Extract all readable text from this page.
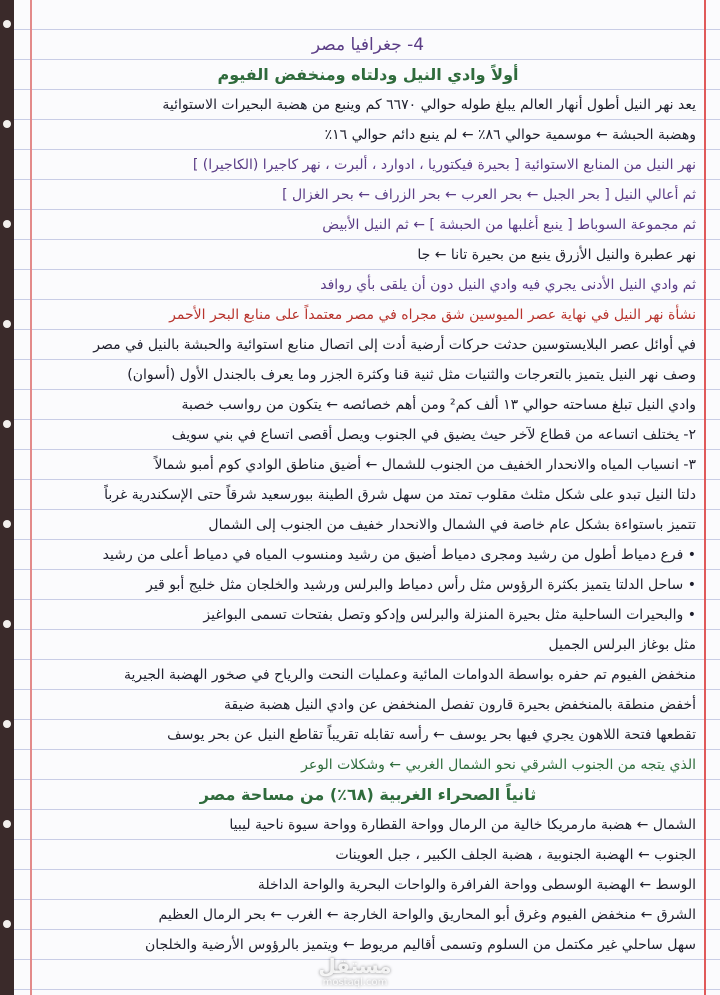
4- جغرافيا مصر
أولاً وادي النيل ودلتاه ومنخفض الفيوم
يعد نهر النيل أطول أنهار العالم يبلغ طوله حوالي ٦٦٧٠ كم وينبع من هضبة البحيرات الاستوائية
وهضبة الحبشة ← موسمية حوالي ٨٦٪ ← لم ينبع دائم حوالي ١٦٪
نهر النيل من المنابع الاستوائية [ بحيرة فيكتوريا ، ادوارد ، ألبرت ، نهر كاجيرا (الكاجيرا) ]
ثم أعالي النيل [ بحر الجبل ← بحر العرب ← بحر الزراف ← بحر الغزال ]
ثم مجموعة السوباط [ ينبع أغلبها من الحبشة ] ← ثم النيل الأبيض
نهر عطبرة والنيل الأزرق ينبع من بحيرة تانا ← جا
ثم وادي النيل الأدنى يجري فيه وادي النيل دون أن يلقى بأي روافد
نشأة نهر النيل في نهاية عصر الميوسين شق مجراه في مصر معتمداً على منابع البحر الأحمر
في أوائل عصر البلايستوسين حدثت حركات أرضية أدت إلى اتصال منابع استوائية والحبشة بالنيل في مصر
وصف نهر النيل يتميز بالتعرجات والثنيات مثل ثنية قنا وكثرة الجزر وما يعرف بالجندل الأول (أسوان)
وادي النيل تبلغ مساحته حوالي ١٣ ألف كم² ومن أهم خصائصه ← يتكون من رواسب خصبة
٢- يختلف اتساعه من قطاع لآخر حيث يضيق في الجنوب ويصل أقصى اتساع في بني سويف
٣- انسياب المياه والانحدار الخفيف من الجنوب للشمال ← أضيق مناطق الوادي كوم أمبو شمالاً
دلتا النيل تبدو على شكل مثلث مقلوب تمتد من سهل شرق الطينة ببورسعيد شرقاً حتى الإسكندرية غرباً
تتميز باستواءة بشكل عام خاصة في الشمال والانحدار خفيف من الجنوب إلى الشمال
• فرع دمياط أطول من رشيد ومجرى دمياط أضيق من رشيد ومنسوب المياه في دمياط أعلى من رشيد
• ساحل الدلتا يتميز بكثرة الرؤوس مثل رأس دمياط والبرلس ورشيد والخلجان مثل خليج أبو قير
• والبحيرات الساحلية مثل بحيرة المنزلة والبرلس وإدكو وتصل بفتحات تسمى البواغيز
مثل بوغاز البرلس الجميل
منخفض الفيوم تم حفره بواسطة الدوامات المائية وعمليات النحت والرياح في صخور الهضبة الجيرية
أخفض منطقة بالمنخفض بحيرة قارون تفصل المنخفض عن وادي النيل هضبة ضيقة
تقطعها فتحة اللاهون يجري فيها بحر يوسف ← رأسه تقابله تقريباً تقاطع النيل عن بحر يوسف
الذي يتجه من الجنوب الشرقي نحو الشمال الغربي ← وشكلات الوعر
ثانياً الصحراء الغربية (٦٨٪) من مساحة مصر
الشمال ← هضبة مارمريكا خالية من الرمال وواحة القطارة وواحة سيوة ناحية ليبيا
الجنوب ← الهضبة الجنوبية ، هضبة الجلف الكبير ، جبل العوينات
الوسط ← الهضبة الوسطى وواحة الفرافرة والواحات البحرية والواحة الداخلة
الشرق ← منخفض الفيوم وغرق أبو المحاريق والواحة الخارجة ← الغرب ← بحر الرمال العظيم
سهل ساحلي غير مكتمل من السلوم وتسمى أقاليم مريوط ← ويتميز بالرؤوس الأرضية والخلجان
مستقل
mostaql.com
